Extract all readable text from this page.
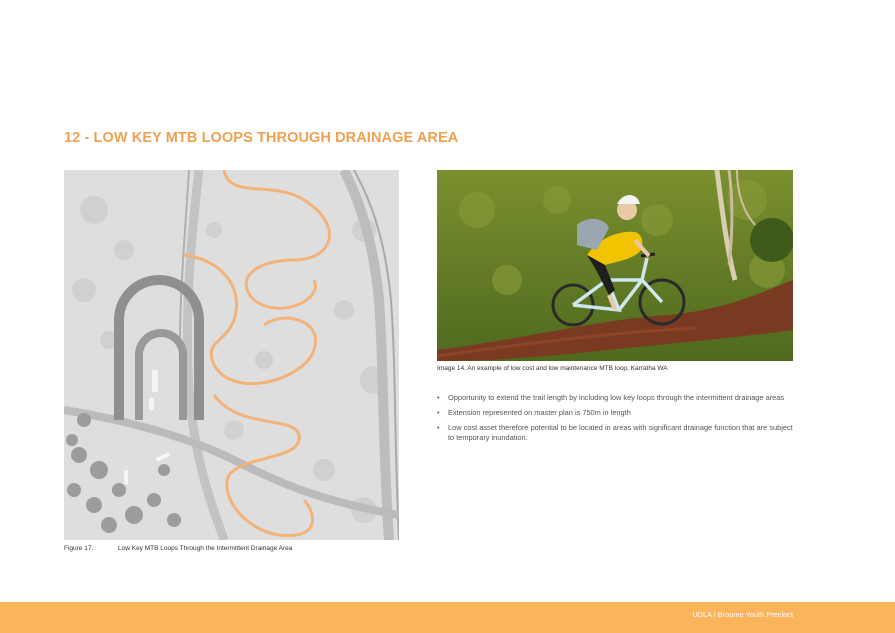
12 - LOW KEY MTB LOOPS THROUGH DRAINAGE AREA
Figure 17.	Low Key MTB Loops Through the Intermittent Drainage Area
Image 14. An example of low cost and low maintenance MTB loop, Karratha WA
• Opportunity to extend the trail length by including low key loops through the intermittent drainage areas
• Extension represented on master plan is 750m in length
• Low cost asset therefore potential to be located in areas with significant drainage function that are subject to temporary inundation.
UDLA / Broome Youth Precinct
